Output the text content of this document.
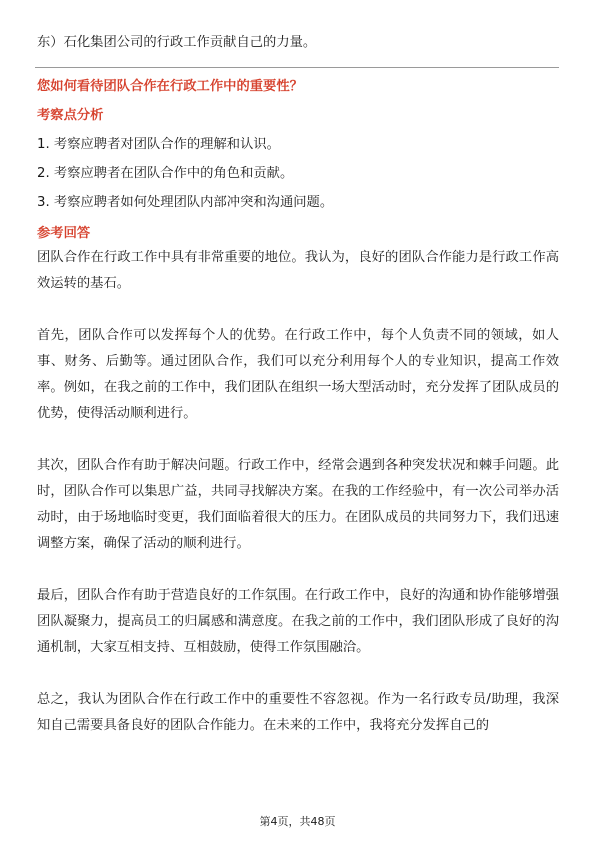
东）石化集团公司的行政工作贡献自己的力量。

您如何看待团队合作在行政工作中的重要性？
考察点分析
1. 考察应聘者对团队合作的理解和认识。
2. 考察应聘者在团队合作中的角色和贡献。
3. 考察应聘者如何处理团队内部冲突和沟通问题。
参考回答

团队合作在行政工作中具有非常重要的地位。我认为，良好的团队合作能力是行政工作高效运转的基石。

首先，团队合作可以发挥每个人的优势。在行政工作中，每个人负责不同的领域，如人事、财务、后勤等。通过团队合作，我们可以充分利用每个人的专业知识，提高工作效率。例如，在我之前的工作中，我们团队在组织一场大型活动时，充分发挥了团队成员的优势，使得活动顺利进行。

其次，团队合作有助于解决问题。行政工作中，经常会遇到各种突发状况和棘手问题。此时，团队合作可以集思广益，共同寻找解决方案。在我的工作经验中，有一次公司举办活动时，由于场地临时变更，我们面临着很大的压力。在团队成员的共同努力下，我们迅速调整方案，确保了活动的顺利进行。

最后，团队合作有助于营造良好的工作氛围。在行政工作中，良好的沟通和协作能够增强团队凝聚力，提高员工的归属感和满意度。在我之前的工作中，我们团队形成了良好的沟通机制，大家互相支持、互相鼓励，使得工作氛围融洽。

总之，我认为团队合作在行政工作中的重要性不容忽视。作为一名行政专员/助理，我深知自己需要具备良好的团队合作能力。在未来的工作中，我将充分发挥自己的

第4页，共48页
